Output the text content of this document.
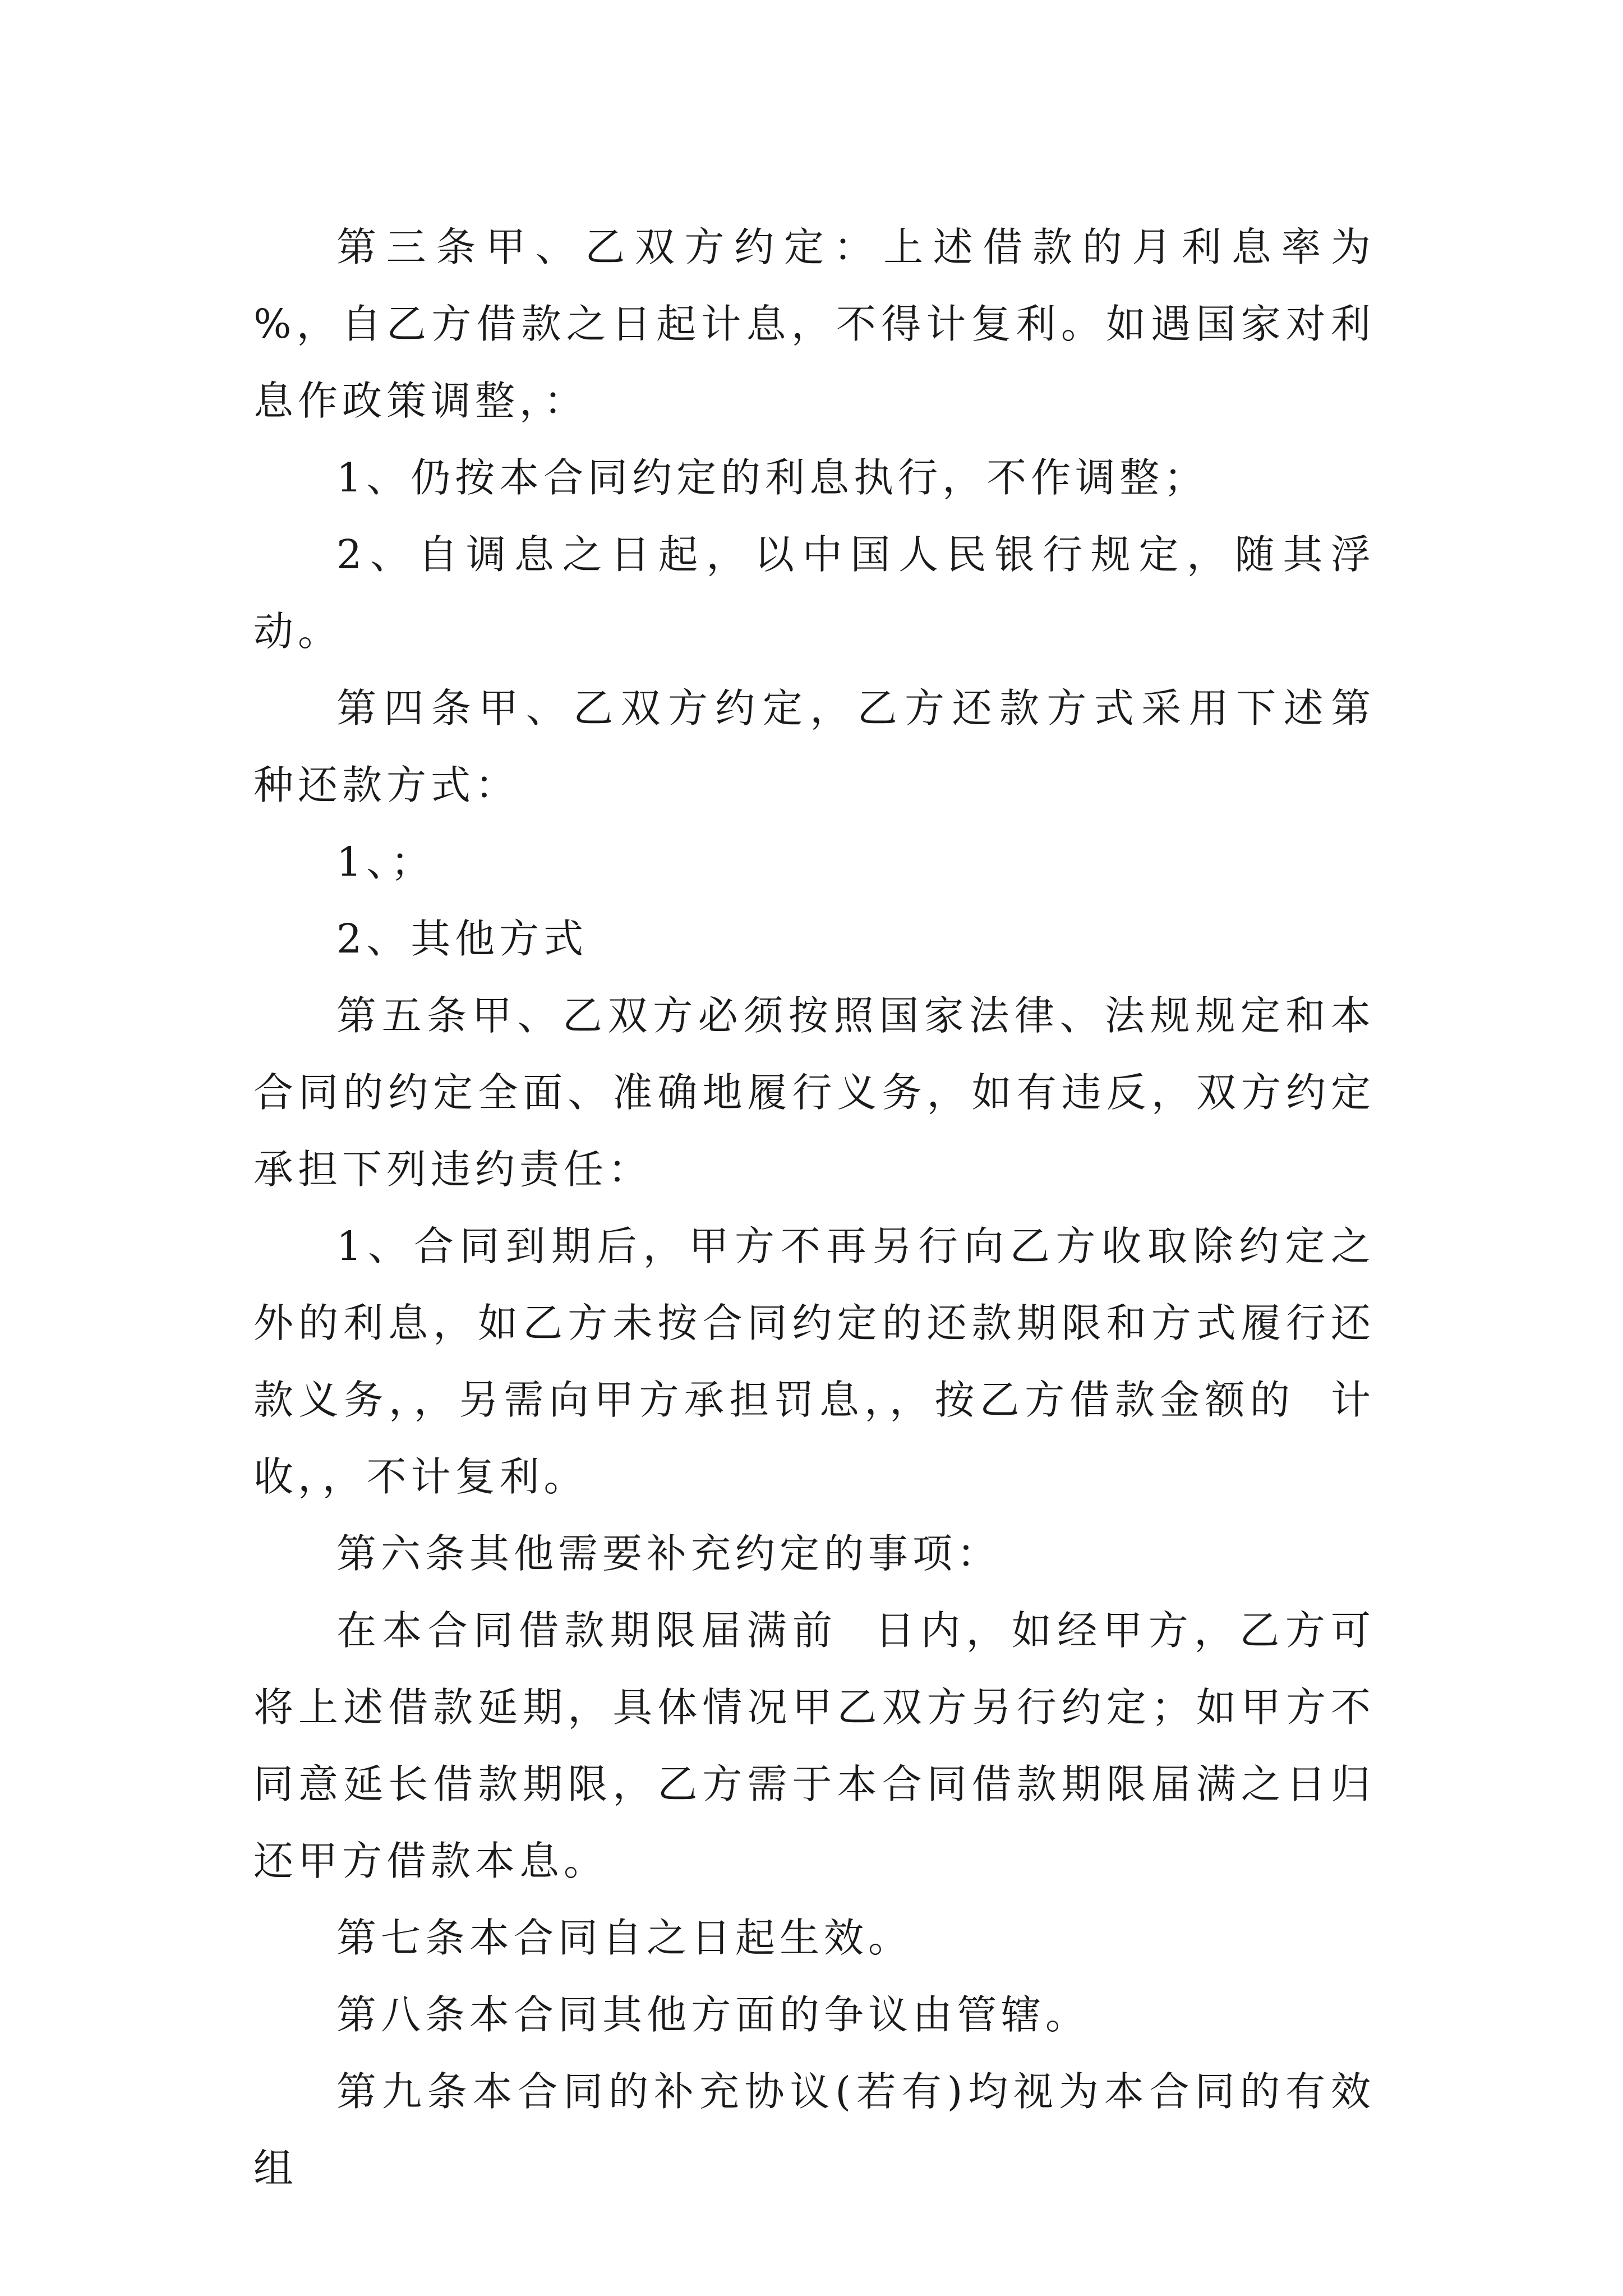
第三条甲、乙双方约定：上述借款的月利息率为  %，自乙方借款之日起计息，不得计复利。如遇国家对利息作政策调整，：

1、仍按本合同约定的利息执行，不作调整；

2、自调息之日起，以中国人民银行规定，随其浮动。

第四条甲、乙双方约定，乙方还款方式采用下述第  种还款方式：

1、；

2、其他方式

第五条甲、乙双方必须按照国家法律、法规规定和本合同的约定全面、准确地履行义务，如有违反，双方约定承担下列违约责任：

1、合同到期后，甲方不再另行向乙方收取除约定之外的利息，如乙方未按合同约定的还款期限和方式履行还款义务，，另需向甲方承担罚息，，按乙方借款金额的  计收，，不计复利。

第六条其他需要补充约定的事项：

在本合同借款期限届满前  日内，如经甲方，乙方可将上述借款延期，具体情况甲乙双方另行约定；如甲方不同意延长借款期限，乙方需于本合同借款期限届满之日归还甲方借款本息。

第七条本合同自之日起生效。

第八条本合同其他方面的争议由管辖。

第九条本合同的补充协议(若有)均视为本合同的有效组
